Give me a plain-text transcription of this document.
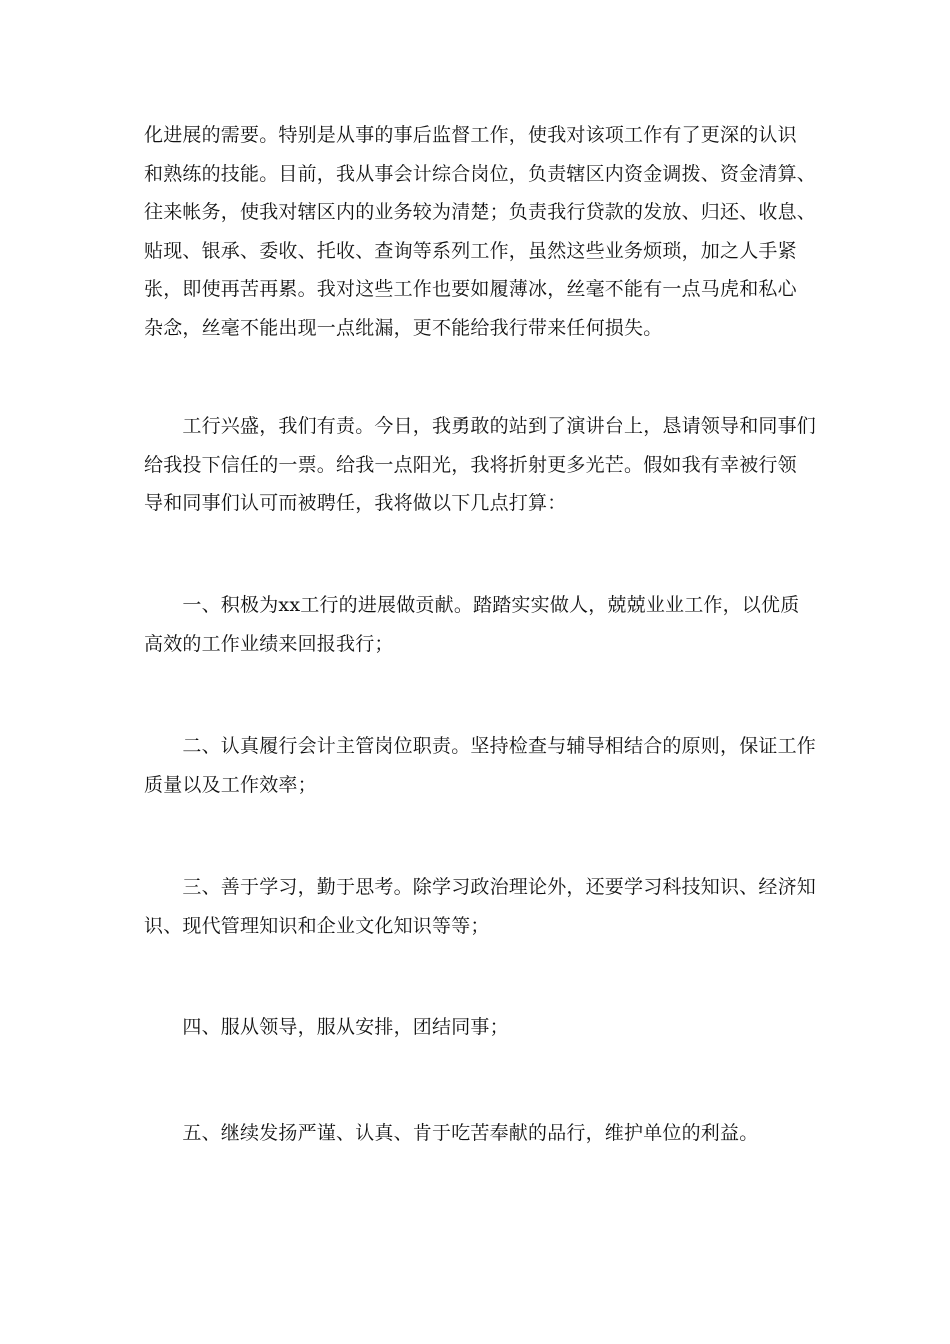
化进展的需要。特别是从事的事后监督工作，使我对该项工作有了更深的认识
和熟练的技能。目前，我从事会计综合岗位，负责辖区内资金调拨、资金清算、
往来帐务，使我对辖区内的业务较为清楚；负责我行贷款的发放、归还、收息、
贴现、银承、委收、托收、查询等系列工作，虽然这些业务烦琐，加之人手紧
张，即使再苦再累。我对这些工作也要如履薄冰，丝毫不能有一点马虎和私心
杂念，丝毫不能出现一点纰漏，更不能给我行带来任何损失。
　　工行兴盛，我们有责。今日，我勇敢的站到了演讲台上，恳请领导和同事们
给我投下信任的一票。给我一点阳光，我将折射更多光芒。假如我有幸被行领
导和同事们认可而被聘任，我将做以下几点打算：
　　一、积极为xx工行的进展做贡献。踏踏实实做人，兢兢业业工作，以优质
高效的工作业绩来回报我行；
　　二、认真履行会计主管岗位职责。坚持检查与辅导相结合的原则，保证工作
质量以及工作效率；
　　三、善于学习，勤于思考。除学习政治理论外，还要学习科技知识、经济知
识、现代管理知识和企业文化知识等等；
　　四、服从领导，服从安排，团结同事；
　　五、继续发扬严谨、认真、肯于吃苦奉献的品行，维护单位的利益。
